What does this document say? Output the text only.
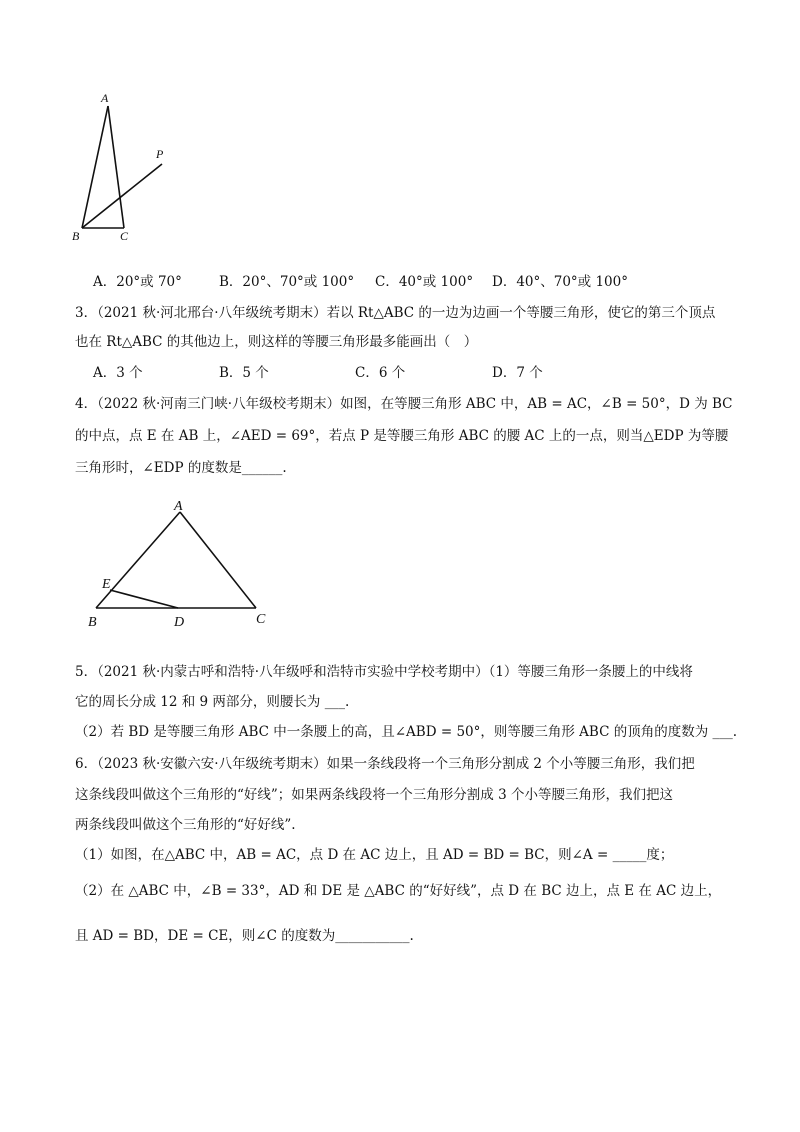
A
B	C
P
A．20°或 70°	B．20°、70°或 100° C．40°或 100° D．40°、70°或 100°
3．（2021 秋·河北邢台·八年级统考期末）若以 Rt△ABC 的一边为边画一个等腰三角形，使它的第三个顶点
也在 Rt△ABC 的其他边上，则这样的等腰三角形最多能画出（　）
A．3 个	B．5 个	C．6 个	D．7 个
4．（2022 秋·河南三门峡·八年级校考期末）如图，在等腰三角形 ABC 中，AB = AC，∠B = 50°，D 为 BC
的中点，点 E 在 AB 上，∠AED = 69°，若点 P 是等腰三角形 ABC 的腰 AC 上的一点，则当△EDP 为等腰
三角形时，∠EDP 的度数是______.
A
E
B	D	C
5．（2021 秋·内蒙古呼和浩特·八年级呼和浩特市实验中学校考期中）（1）等腰三角形一条腰上的中线将
它的周长分成 12 和 9 两部分，则腰长为 ___.
（2）若 BD 是等腰三角形 ABC 中一条腰上的高，且∠ABD = 50°，则等腰三角形 ABC 的顶角的度数为 ___.
6．（2023 秋·安徽六安·八年级统考期末）如果一条线段将一个三角形分割成 2 个小等腰三角形，我们把
这条线段叫做这个三角形的“好线”；如果两条线段将一个三角形分割成 3 个小等腰三角形，我们把这
两条线段叫做这个三角形的“好好线”.
（1）如图，在△ABC 中，AB = AC，点 D 在 AC 边上，且 AD = BD = BC，则∠A = _____度；
（2）在 △ABC 中，∠B = 33°，AD 和 DE 是 △ABC 的“好好线”，点 D 在 BC 边上，点 E 在 AC 边上，
且 AD = BD，DE = CE，则∠C 的度数为___________.
